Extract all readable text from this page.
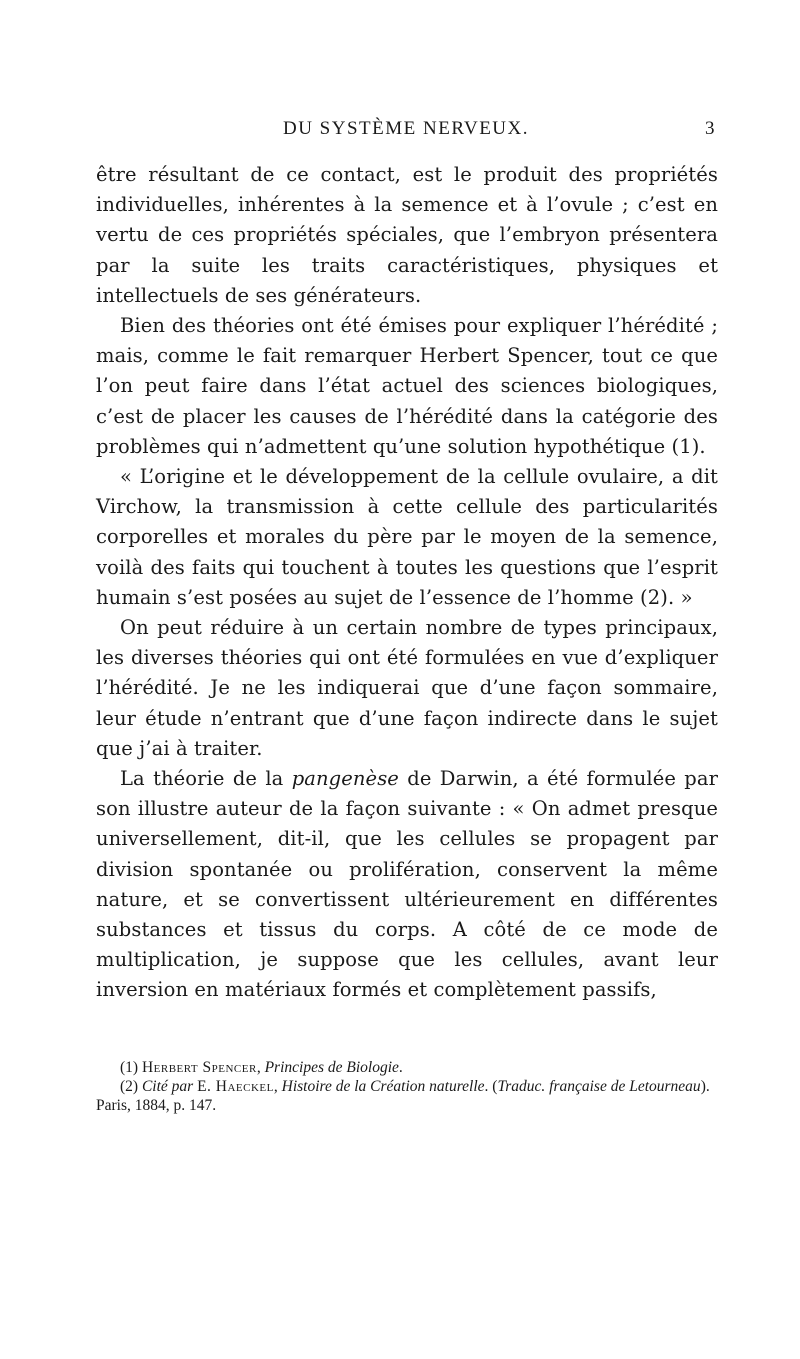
DU SYSTÈME NERVEUX.	3

être résultant de ce contact, est le produit des propriétés individuelles, inhérentes à la semence et à l’ovule ; c’est en vertu de ces propriétés spéciales, que l’embryon présentera par la suite les traits caractéristiques, physiques et intellectuels de ses générateurs.

Bien des théories ont été émises pour expliquer l’hérédité ; mais, comme le fait remarquer Herbert Spencer, tout ce que l’on peut faire dans l’état actuel des sciences biologiques, c’est de placer les causes de l’hérédité dans la catégorie des problèmes qui n’admettent qu’une solution hypothétique (1).

« L’origine et le développement de la cellule ovulaire, a dit Virchow, la transmission à cette cellule des particularités corporelles et morales du père par le moyen de la semence, voilà des faits qui touchent à toutes les questions que l’esprit humain s’est posées au sujet de l’essence de l’homme (2). »

On peut réduire à un certain nombre de types principaux, les diverses théories qui ont été formulées en vue d’expliquer l’hérédité. Je ne les indiquerai que d’une façon sommaire, leur étude n’entrant que d’une façon indirecte dans le sujet que j’ai à traiter.

La théorie de la pangenèse de Darwin, a été formulée par son illustre auteur de la façon suivante : « On admet presque universellement, dit-il, que les cellules se propagent par division spontanée ou prolifération, conservent la même nature, et se convertissent ultérieurement en différentes substances et tissus du corps. A côté de ce mode de multiplication, je suppose que les cellules, avant leur inversion en matériaux formés et complètement passifs,

(1) Herbert Spencer, Principes de Biologie.

(2) Cité par E. Haeckel, Histoire de la Création naturelle. (Traduc. française de Letourneau). Paris, 1884, p. 147.
